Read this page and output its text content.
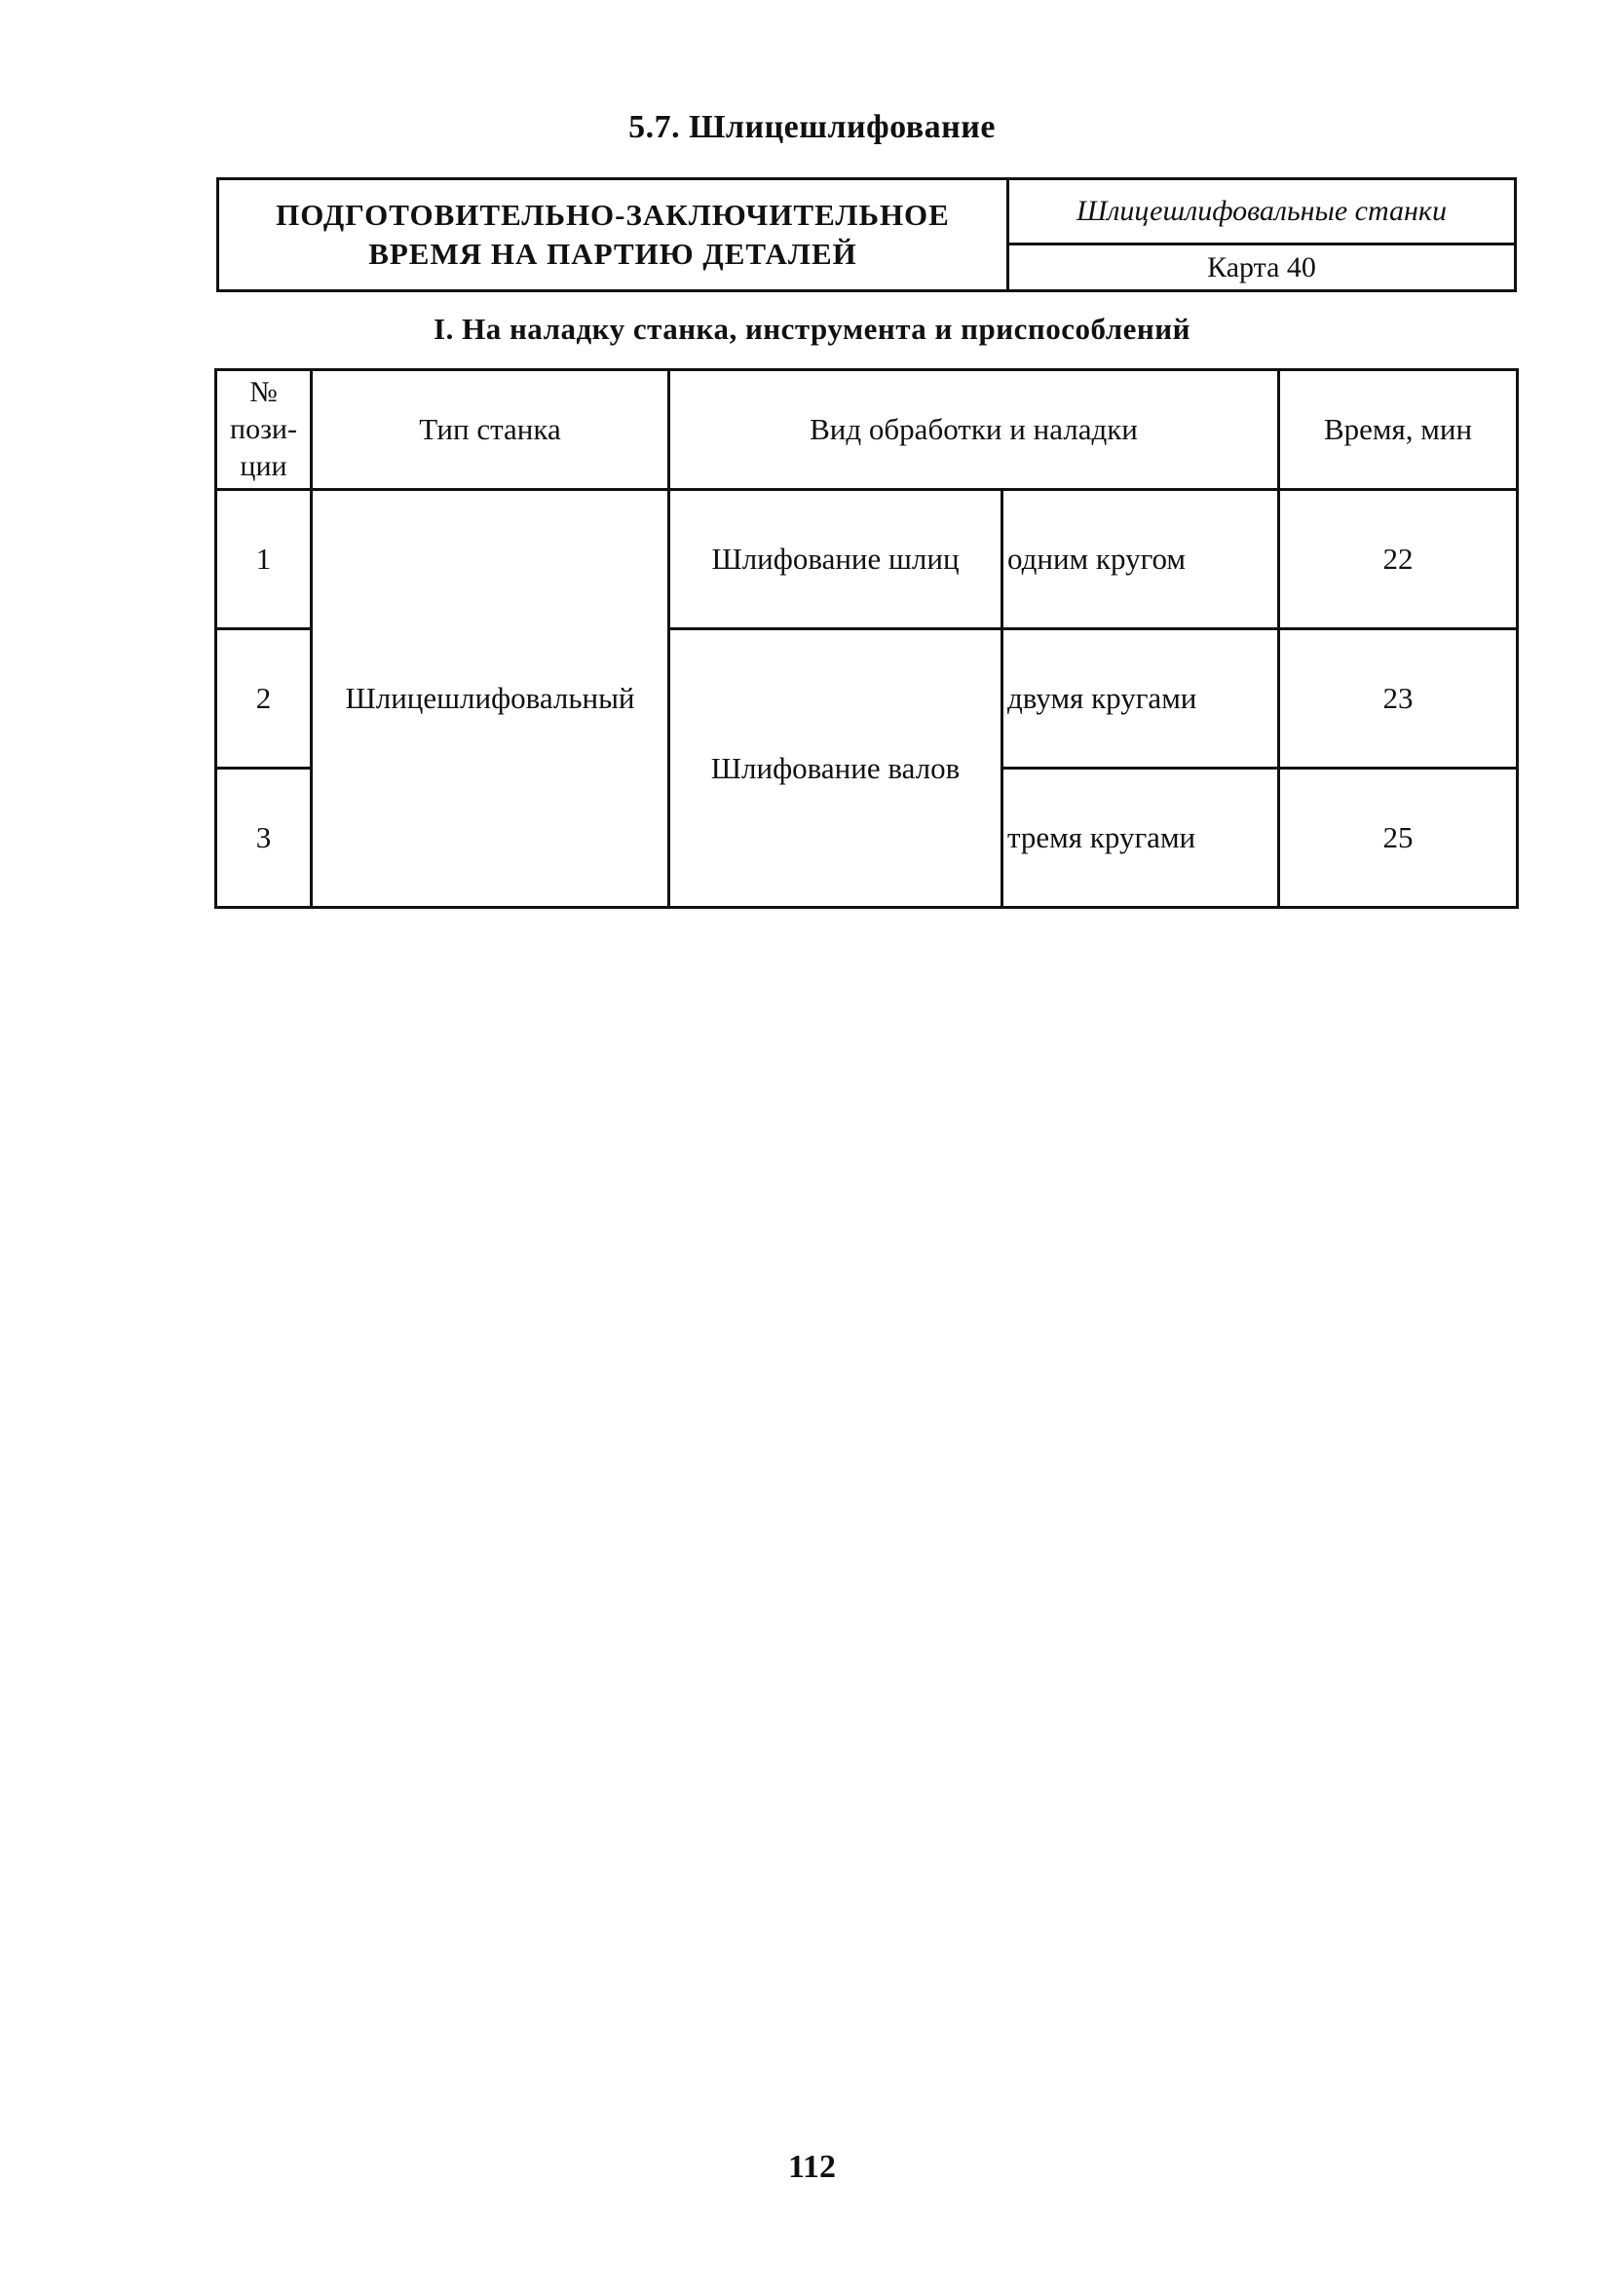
5.7. Шлицешлифование
ПОДГОТОВИТЕЛЬНО-ЗАКЛЮЧИТЕЛЬНОЕ
ВРЕМЯ НА ПАРТИЮ ДЕТАЛЕЙ
Шлицешлифовальные станки
Карта 40
I. На наладку станка, инструмента и приспособлений
№
пози-
ции	Тип станка	Вид обработки и наладки		Время, мин
1	Шлицешлифовальный	Шлифование шлиц	одним кругом	22
2		Шлифование валов	двумя кругами	23
3			тремя кругами	25
112
